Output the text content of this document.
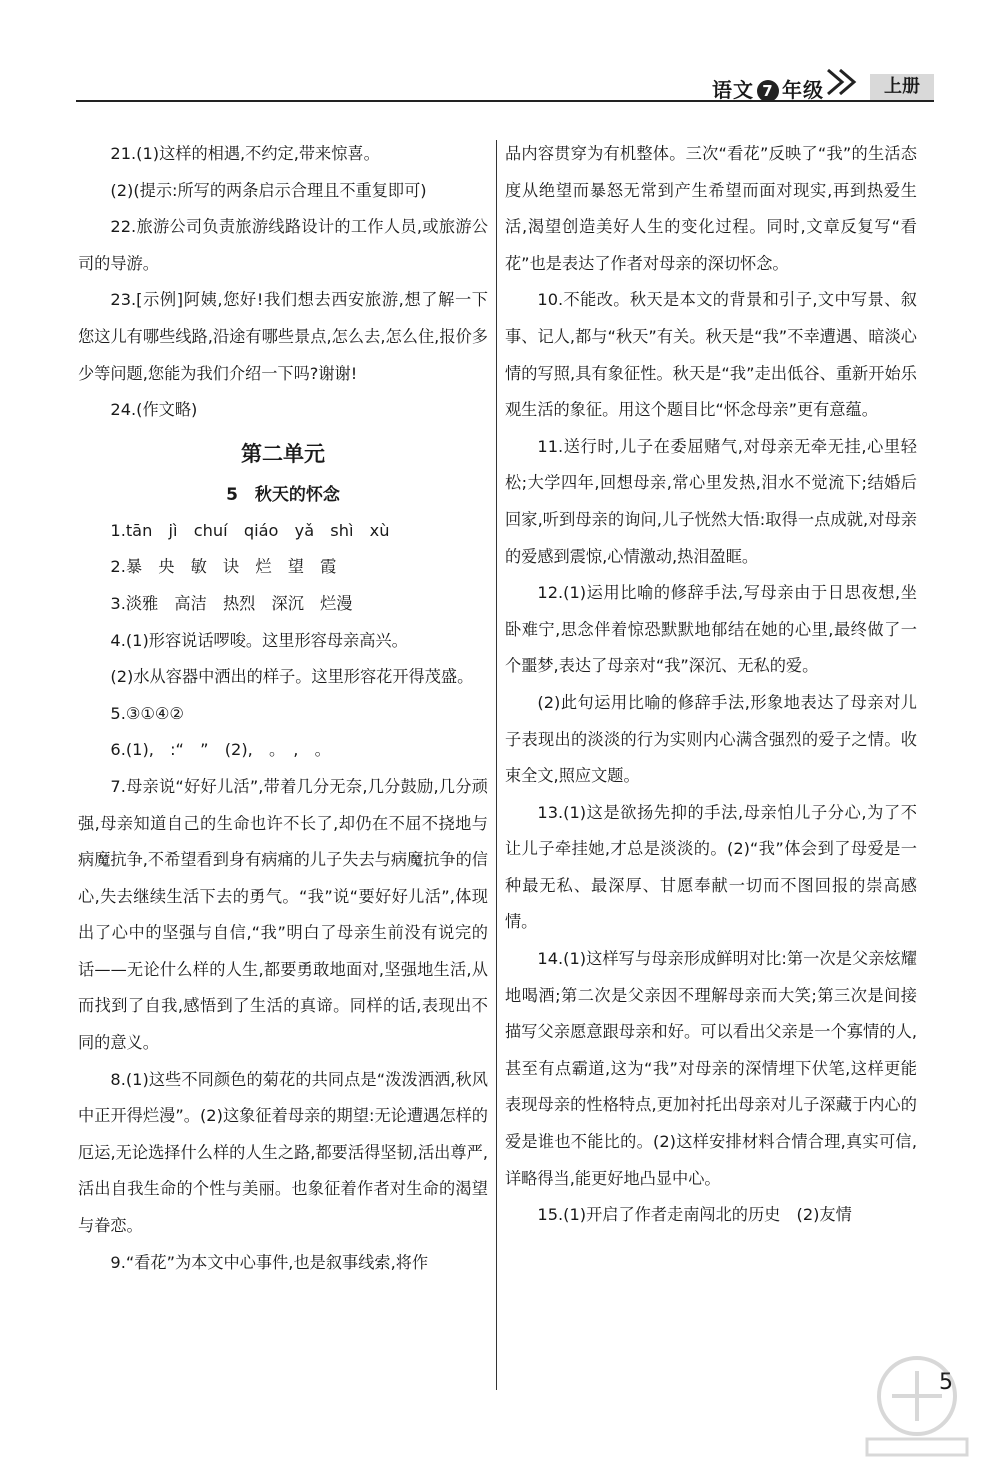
语文 7 年级	上册

21.(1)这样的相遇,不约定,带来惊喜。

(2)(提示:所写的两条启示合理且不重复即可)

22.旅游公司负责旅游线路设计的工作人员,或旅游公司的导游。

23.[示例]阿姨,您好!我们想去西安旅游,想了解一下您这儿有哪些线路,沿途有哪些景点,怎么去,怎么住,报价多少等问题,您能为我们介绍一下吗?谢谢!

24.(作文略)

第二单元

5　秋天的怀念

1.tān　jì　chuí　qiáo　yǎ　shì　xù

2.暴　央　敏　诀　烂　望　霞

3.淡雅　高洁　热烈　深沉　烂漫

4.(1)形容说话啰唆。这里形容母亲高兴。

(2)水从容器中洒出的样子。这里形容花开得茂盛。

5.③①④②

6.(1),　:“　”　(2),　。　,　。

7.母亲说“好好儿活”,带着几分无奈,几分鼓励,几分顽强,母亲知道自己的生命也许不长了,却仍在不屈不挠地与病魔抗争,不希望看到身有病痛的儿子失去与病魔抗争的信心,失去继续生活下去的勇气。“我”说“要好好儿活”,体现出了心中的坚强与自信,“我”明白了母亲生前没有说完的话——无论什么样的人生,都要勇敢地面对,坚强地生活,从而找到了自我,感悟到了生活的真谛。同样的话,表现出不同的意义。

8.(1)这些不同颜色的菊花的共同点是“泼泼洒洒,秋风中正开得烂漫”。(2)这象征着母亲的期望:无论遭遇怎样的厄运,无论选择什么样的人生之路,都要活得坚韧,活出尊严,活出自我生命的个性与美丽。也象征着作者对生命的渴望与眷恋。

9.“看花”为本文中心事件,也是叙事线索,将作

品内容贯穿为有机整体。三次“看花”反映了“我”的生活态度从绝望而暴怒无常到产生希望而面对现实,再到热爱生活,渴望创造美好人生的变化过程。同时,文章反复写“看花”也是表达了作者对母亲的深切怀念。

10.不能改。秋天是本文的背景和引子,文中写景、叙事、记人,都与“秋天”有关。秋天是“我”不幸遭遇、暗淡心情的写照,具有象征性。秋天是“我”走出低谷、重新开始乐观生活的象征。用这个题目比“怀念母亲”更有意蕴。

11.送行时,儿子在委屈赌气,对母亲无牵无挂,心里轻松;大学四年,回想母亲,常心里发热,泪水不觉流下;结婚后回家,听到母亲的询问,儿子恍然大悟:取得一点成就,对母亲的爱感到震惊,心情激动,热泪盈眶。

12.(1)运用比喻的修辞手法,写母亲由于日思夜想,坐卧难宁,思念伴着惊恐默默地郁结在她的心里,最终做了一个噩梦,表达了母亲对“我”深沉、无私的爱。

(2)此句运用比喻的修辞手法,形象地表达了母亲对儿子表现出的淡淡的行为实则内心满含强烈的爱子之情。收束全文,照应文题。

13.(1)这是欲扬先抑的手法,母亲怕儿子分心,为了不让儿子牵挂她,才总是淡淡的。(2)“我”体会到了母爱是一种最无私、最深厚、甘愿奉献一切而不图回报的崇高感情。

14.(1)这样写与母亲形成鲜明对比:第一次是父亲炫耀地喝酒;第二次是父亲因不理解母亲而大笑;第三次是间接描写父亲愿意跟母亲和好。可以看出父亲是一个寡情的人,甚至有点霸道,这为“我”对母亲的深情埋下伏笔,这样更能表现母亲的性格特点,更加衬托出母亲对儿子深藏于内心的爱是谁也不能比的。(2)这样安排材料合情合理,真实可信,详略得当,能更好地凸显中心。

15.(1)开启了作者走南闯北的历史　(2)友情

5
